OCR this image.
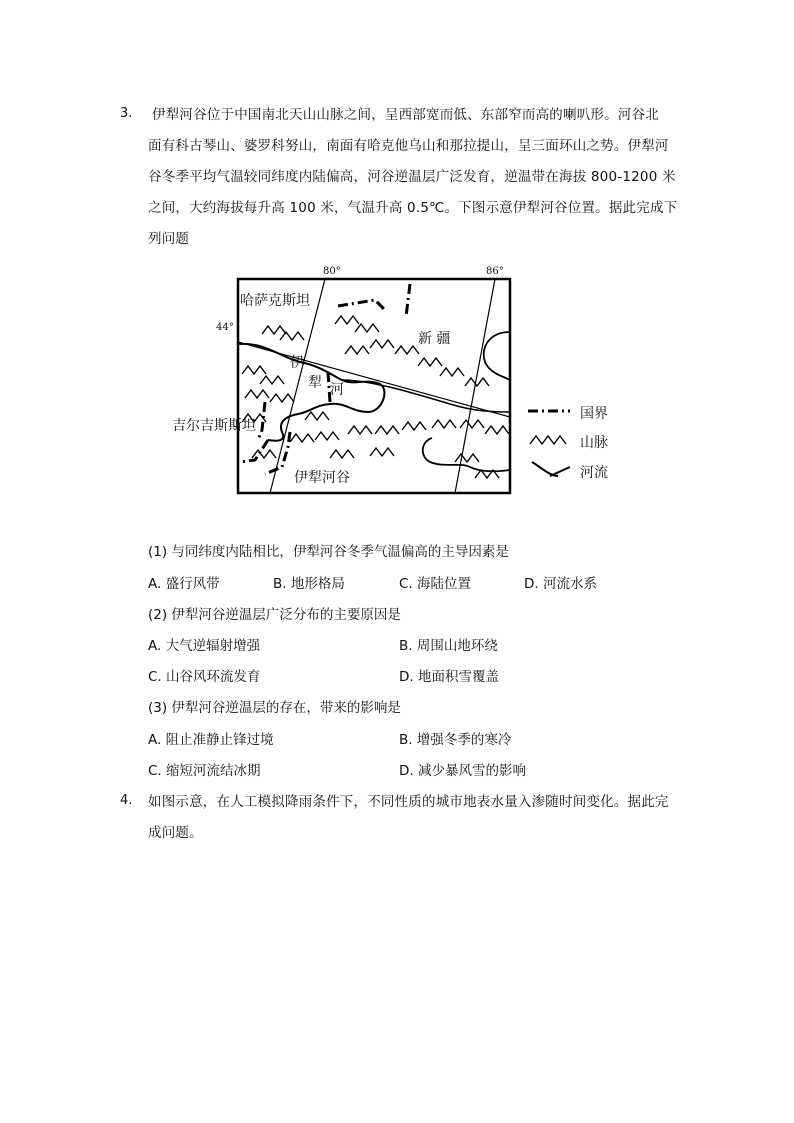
3. 伊犁河谷位于中国南北天山山脉之间，呈西部宽而低、东部窄而高的喇叭形。河谷北
面有科古琴山、婆罗科努山，南面有哈克他乌山和那拉提山，呈三面环山之势。伊犁河
谷冬季平均气温较同纬度内陆偏高，河谷逆温层广泛发育，逆温带在海拔 800-1200 米
之间，大约海拔每升高 100 米，气温升高 0.5℃。下图示意伊犁河谷位置。据此完成下
列问题
80°	86°
44°
哈萨克斯坦
新 疆
吉尔吉斯斯坦
伊犁河谷
伊
犁 河
国界
山脉
河流
(1) 与同纬度内陆相比，伊犁河谷冬季气温偏高的主导因素是
A. 盛行风带	B. 地形格局	C. 海陆位置	D. 河流水系
(2) 伊犁河谷逆温层广泛分布的主要原因是
A. 大气逆辐射增强	B. 周围山地环绕
C. 山谷风环流发育	D. 地面积雪覆盖
(3) 伊犁河谷逆温层的存在，带来的影响是
A. 阻止准静止锋过境	B. 增强冬季的寒冷
C. 缩短河流结冰期	D. 减少暴风雪的影响
4. 如图示意，在人工模拟降雨条件下，不同性质的城市地表水量入渗随时间变化。据此完
成问题。
